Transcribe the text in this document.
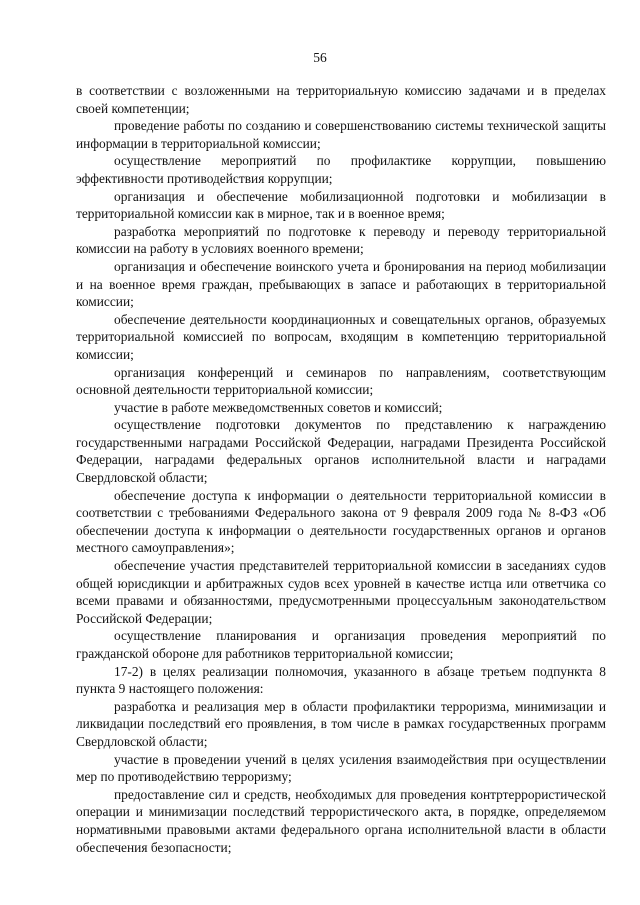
56

в соответствии с возложенными на территориальную комиссию задачами и в пределах своей компетенции;

проведение работы по созданию и совершенствованию системы технической защиты информации в территориальной комиссии;

осуществление мероприятий по профилактике коррупции, повышению эффективности противодействия коррупции;

организация и обеспечение мобилизационной подготовки и мобилизации в территориальной комиссии как в мирное, так и в военное время;

разработка мероприятий по подготовке к переводу и переводу территориальной комиссии на работу в условиях военного времени;

организация и обеспечение воинского учета и бронирования на период мобилизации и на военное время граждан, пребывающих в запасе и работающих в территориальной комиссии;

обеспечение деятельности координационных и совещательных органов, образуемых территориальной комиссией по вопросам, входящим в компетенцию территориальной комиссии;

организация конференций и семинаров по направлениям, соответствующим основной деятельности территориальной комиссии;

участие в работе межведомственных советов и комиссий;

осуществление подготовки документов по представлению к награждению государственными наградами Российской Федерации, наградами Президента Российской Федерации, наградами федеральных органов исполнительной власти и наградами Свердловской области;

обеспечение доступа к информации о деятельности территориальной комиссии в соответствии с требованиями Федерального закона от 9 февраля 2009 года № 8-ФЗ «Об обеспечении доступа к информации о деятельности государственных органов и органов местного самоуправления»;

обеспечение участия представителей территориальной комиссии в заседаниях судов общей юрисдикции и арбитражных судов всех уровней в качестве истца или ответчика со всеми правами и обязанностями, предусмотренными процессуальным законодательством Российской Федерации;

осуществление планирования и организация проведения мероприятий по гражданской обороне для работников территориальной комиссии;

17-2) в целях реализации полномочия, указанного в абзаце третьем подпункта 8 пункта 9 настоящего положения:

разработка и реализация мер в области профилактики терроризма, минимизации и ликвидации последствий его проявления, в том числе в рамках государственных программ Свердловской области;

участие в проведении учений в целях усиления взаимодействия при осуществлении мер по противодействию терроризму;

предоставление сил и средств, необходимых для проведения контртеррористической операции и минимизации последствий террористического акта, в порядке, определяемом нормативными правовыми актами федерального органа исполнительной власти в области обеспечения безопасности;
